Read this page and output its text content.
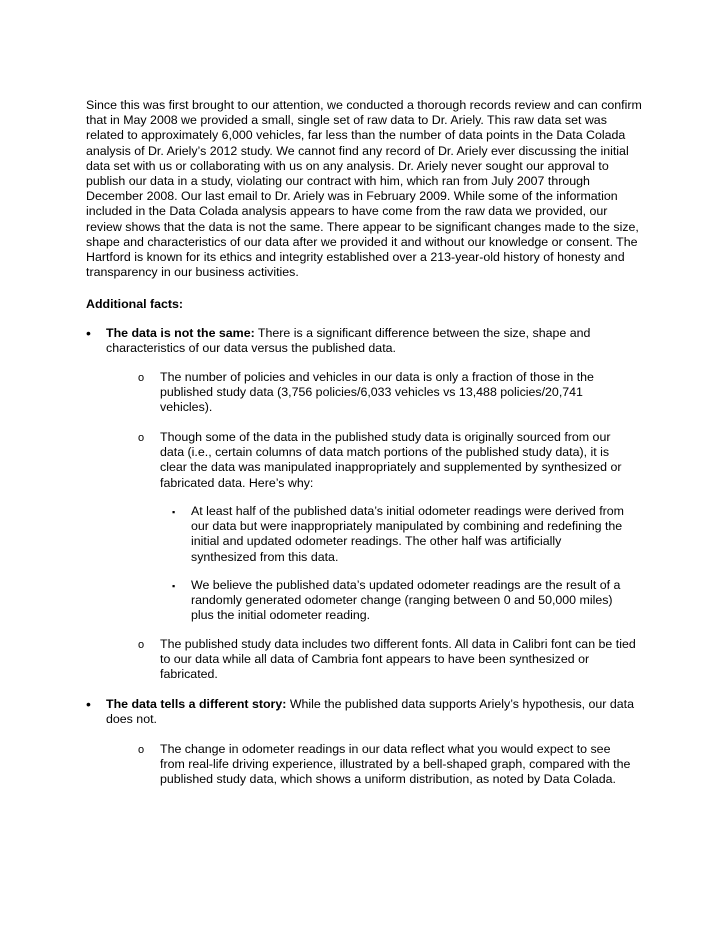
Since this was first brought to our attention, we conducted a thorough records review and can confirm that in May 2008 we provided a small, single set of raw data to Dr. Ariely. This raw data set was related to approximately 6,000 vehicles, far less than the number of data points in the Data Colada analysis of Dr. Ariely’s 2012 study. We cannot find any record of Dr. Ariely ever discussing the initial data set with us or collaborating with us on any analysis. Dr. Ariely never sought our approval to publish our data in a study, violating our contract with him, which ran from July 2007 through December 2008. Our last email to Dr. Ariely was in February 2009. While some of the information included in the Data Colada analysis appears to have come from the raw data we provided, our review shows that the data is not the same. There appear to be significant changes made to the size, shape and characteristics of our data after we provided it and without our knowledge or consent. The Hartford is known for its ethics and integrity established over a 213-year-old history of honesty and transparency in our business activities.

Additional facts:

• The data is not the same: There is a significant difference between the size, shape and characteristics of our data versus the published data.

o The number of policies and vehicles in our data is only a fraction of those in the published study data (3,756 policies/6,033 vehicles vs 13,488 policies/20,741 vehicles).

o Though some of the data in the published study data is originally sourced from our data (i.e., certain columns of data match portions of the published study data), it is clear the data was manipulated inappropriately and supplemented by synthesized or fabricated data. Here’s why:

▪ At least half of the published data’s initial odometer readings were derived from our data but were inappropriately manipulated by combining and redefining the initial and updated odometer readings. The other half was artificially synthesized from this data.

▪ We believe the published data’s updated odometer readings are the result of a randomly generated odometer change (ranging between 0 and 50,000 miles) plus the initial odometer reading.

o The published study data includes two different fonts. All data in Calibri font can be tied to our data while all data of Cambria font appears to have been synthesized or fabricated.

• The data tells a different story: While the published data supports Ariely’s hypothesis, our data does not.

o The change in odometer readings in our data reflect what you would expect to see from real-life driving experience, illustrated by a bell-shaped graph, compared with the published study data, which shows a uniform distribution, as noted by Data Colada.
